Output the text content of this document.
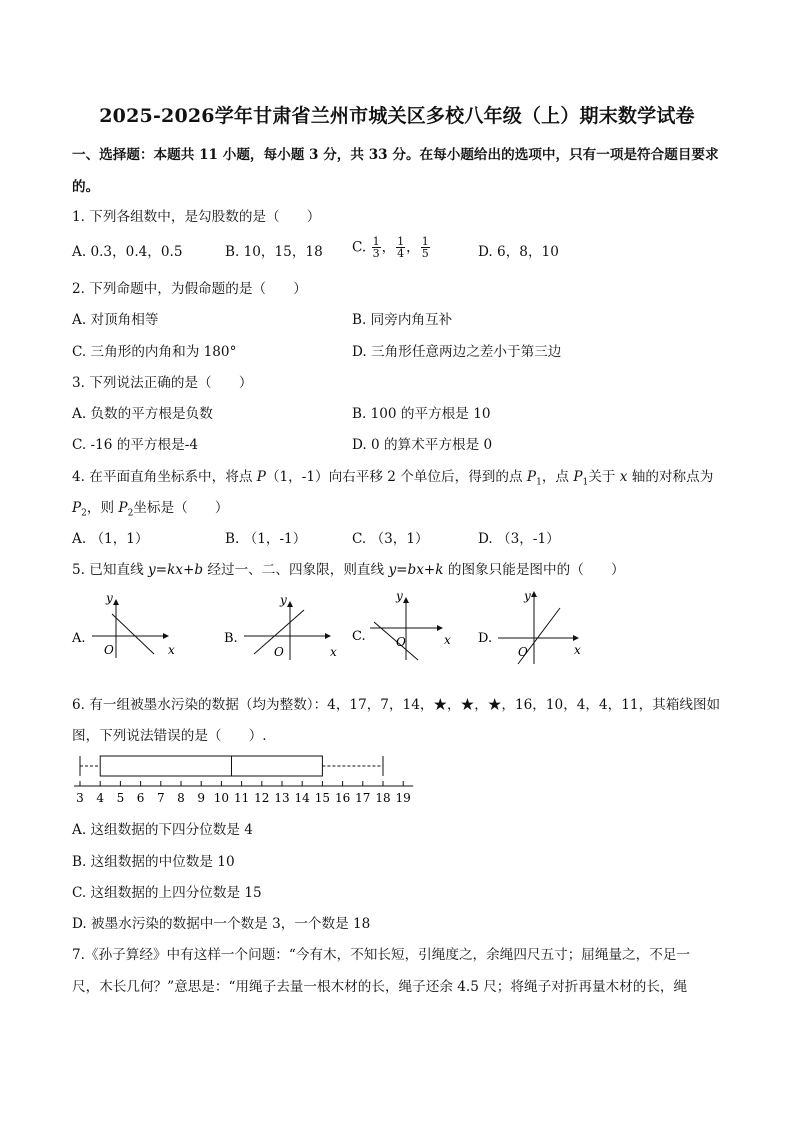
2025-2026学年甘肃省兰州市城关区多校八年级（上）期末数学试卷
一、选择题：本题共 11 小题，每小题 3 分，共 33 分。在每小题给出的选项中，只有一项是符合题目要求
的。
1. 下列各组数中，是勾股数的是（　　）
A. 0.3，0.4，0.5	B. 10，15，18 C. $\frac{1}{3}$ ， $\frac{1}{4}$ ， $\frac{1}{5}$	D. 6，8，10
2. 下列命题中，为假命题的是（　　）
A. 对顶角相等	B. 同旁内角互补
C. 三角形的内角和为 180°	D. 三角形任意两边之差小于第三边
3. 下列说法正确的是（　　）
A. 负数的平方根是负数	B. 100 的平方根是 10
C. -16 的平方根是-4	D. 0 的算术平方根是 0
4. 在平面直角坐标系中，将点 P（1，-1）向右平移 2 个单位后，得到的点 $P_1$，点 $P_1$关于 x 轴的对称点为
$P_2$，则 $P_2$坐标是（　　）
A. （1，1）	B. （1，-1）	C. （3，1）	D. （3，-1）
5. 已知直线 y=kx+b 经过一、二、四象限，则直线 y=bx+k 的图象只能是图中的（　　）
A.
y
x
O
B.
y
x
O
C.
y
x
O	D.
y
x
O
6. 有一组被墨水污染的数据（均为整数）：4，17，7，14，★，★，★，16，10，4，4，11，其箱线图如
图，下列说法错误的是（　　）.
3 4 5 6 7 8 9 10 11 12 13 14 15 16 17 18 19
A. 这组数据的下四分位数是 4
B. 这组数据的中位数是 10
C. 这组数据的上四分位数是 15
D. 被墨水污染的数据中一个数是 3，一个数是 18
7.《孙子算经》中有这样一个问题：“今有木，不知长短，引绳度之，余绳四尺五寸；屈绳量之，不足一
尺，木长几何？”意思是：“用绳子去量一根木材的长，绳子还余 4.5 尺；将绳子对折再量木材的长，绳
